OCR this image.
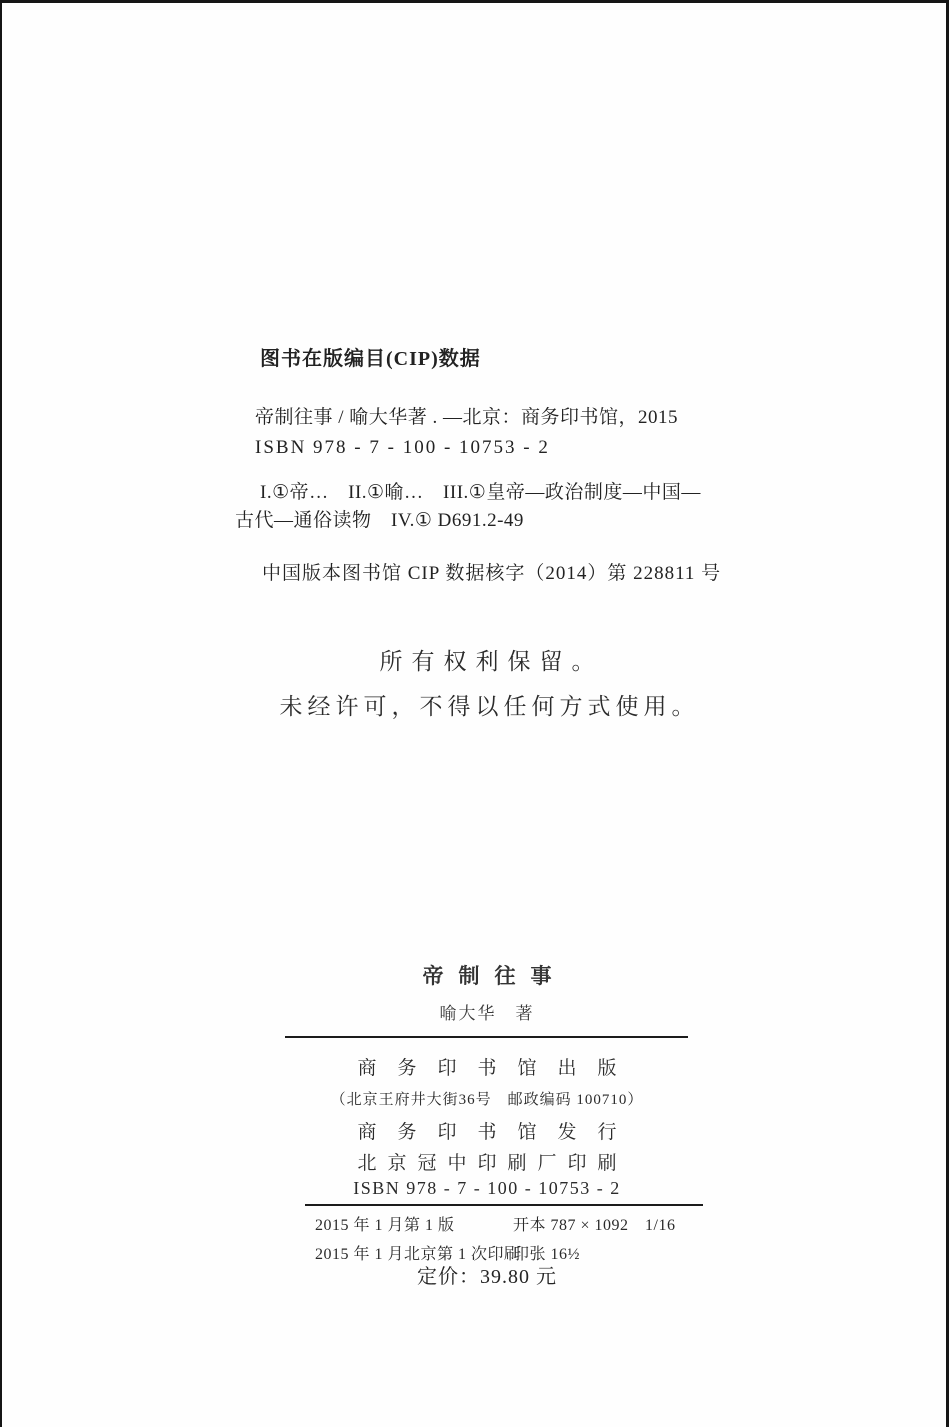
图书在版编目(CIP)数据

帝制往事 / 喻大华著 . —北京：商务印书馆，2015

ISBN 978 - 7 - 100 - 10753 - 2

I.①帝…　II.①喻…　III.①皇帝—政治制度—中国—

古代—通俗读物　IV.① D691.2-49

中国版本图书馆 CIP 数据核字（2014）第 228811 号

所有权利保留。

未经许可，不得以任何方式使用。

帝制往事

喻大华　著

商务印书馆出版

（北京王府井大街36号　邮政编码 100710）

商务印书馆发行

北京冠中印刷厂印刷

ISBN 978 - 7 - 100 - 10753 - 2

2015 年 1 月第 1 版	开本 787 × 1092　1/16
2015 年 1 月北京第 1 次印刷
印张 16½

定价：39.80 元
